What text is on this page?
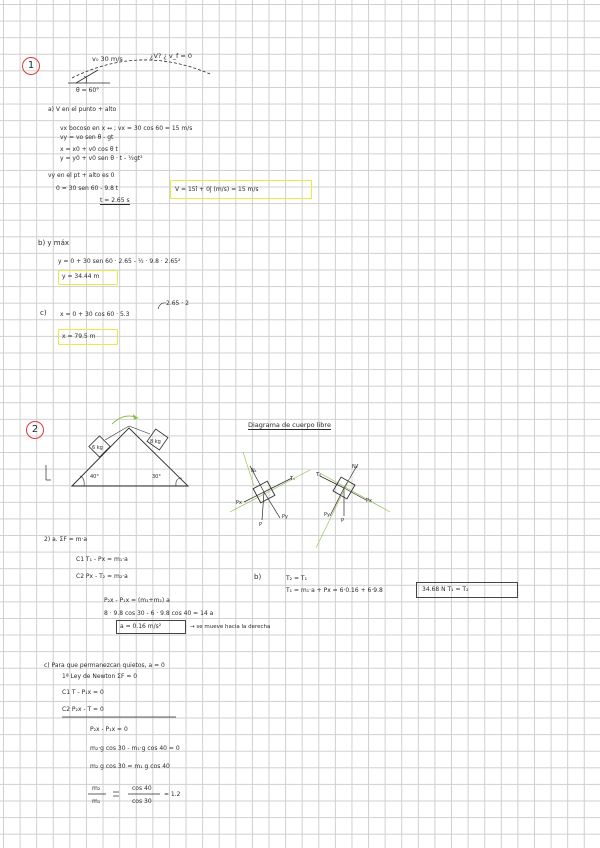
1
v₀ 30 m/s	¿V? ¿ v_f = 0
θ = 60°
a) V en el punto + alto
vx bocoso en x ↔ ; vx = 30 cos 60 = 15 m/s
vy = vo sen θ - gt
x = x0 + v0 cos θ t
y = y0 + v0 sen θ · t - ½gt²
vy en el pt + alto es 0
0 = 30 sen 60 - 9.8 t
t = 2.65 s
V = 15î + 0ĵ (m/s) = 15 m/s
b) y máx
y = 0 + 30 sen 60 · 2.65 - ½ · 9.8 · 2.65²
y = 34.44 m
c) x = 0 + 30 cos 60 · 5.3
2.65 · 2
x = 79.5 m
2
6 kg
8 kg
40°	30°
Diagrama de cuerpo libre
N₁
T₁
Px
Py
P
N₂
T₂
Px
Py
P
2) a. ΣF = m·a
C1 T₁ - Px = m₁·a
C2 Px - T₂ = m₂·a
P₂x - P₁x = (m₁+m₂) a
8 · 9.8 cos 30 - 6 · 9.8 cos 40 = 14 a
a = 0.16 m/s²	→ se mueve hacia la derecha
b)	T₂ = T₁
T₁ = m₁·a + Px = 6·0.16 + 6·9.8	34.68 N T₁ = T₂
c) Para que permanezcan quietos, a = 0
1ª Ley de Newton ΣF = 0
C1 T - P₁x = 0
C2 P₂x - T = 0
P₂x - P₁x = 0
m₂·g cos 30 - m₁·g cos 40 = 0
m₂ g cos 30 = m₁ g cos 40
m₂
m₁
cos 40
cos 30
= 1.2
